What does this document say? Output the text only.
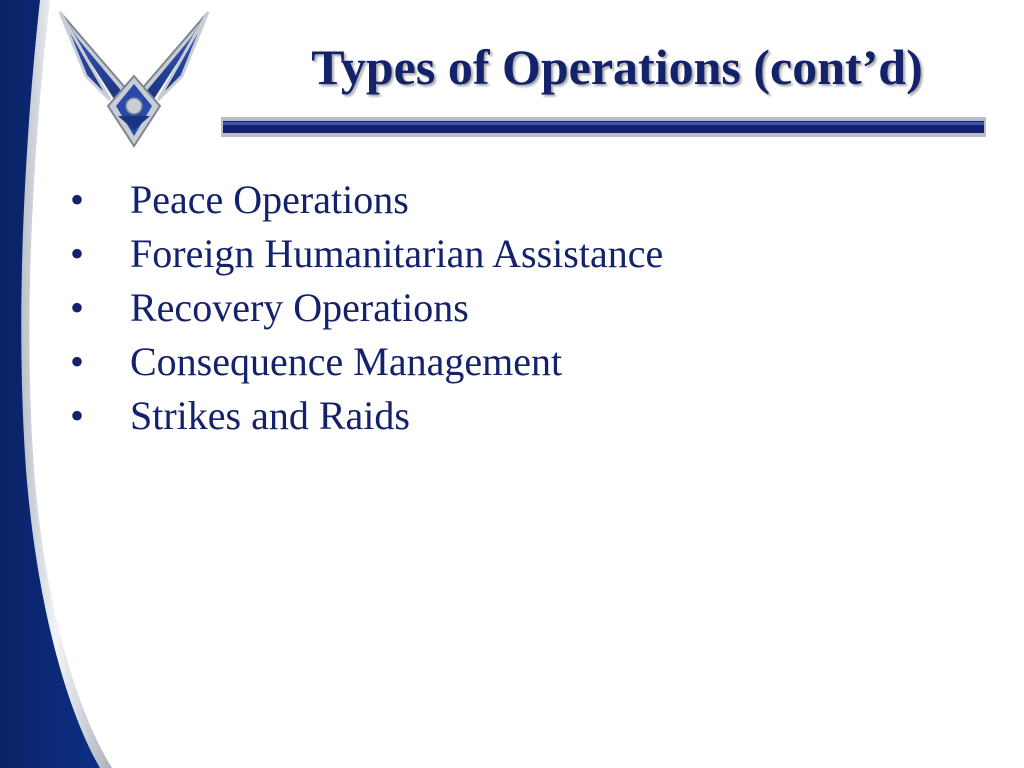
Types of Operations (cont’d)
•	Peace Operations
•	Foreign Humanitarian Assistance
•	Recovery Operations
•	Consequence Management
•	Strikes and Raids
